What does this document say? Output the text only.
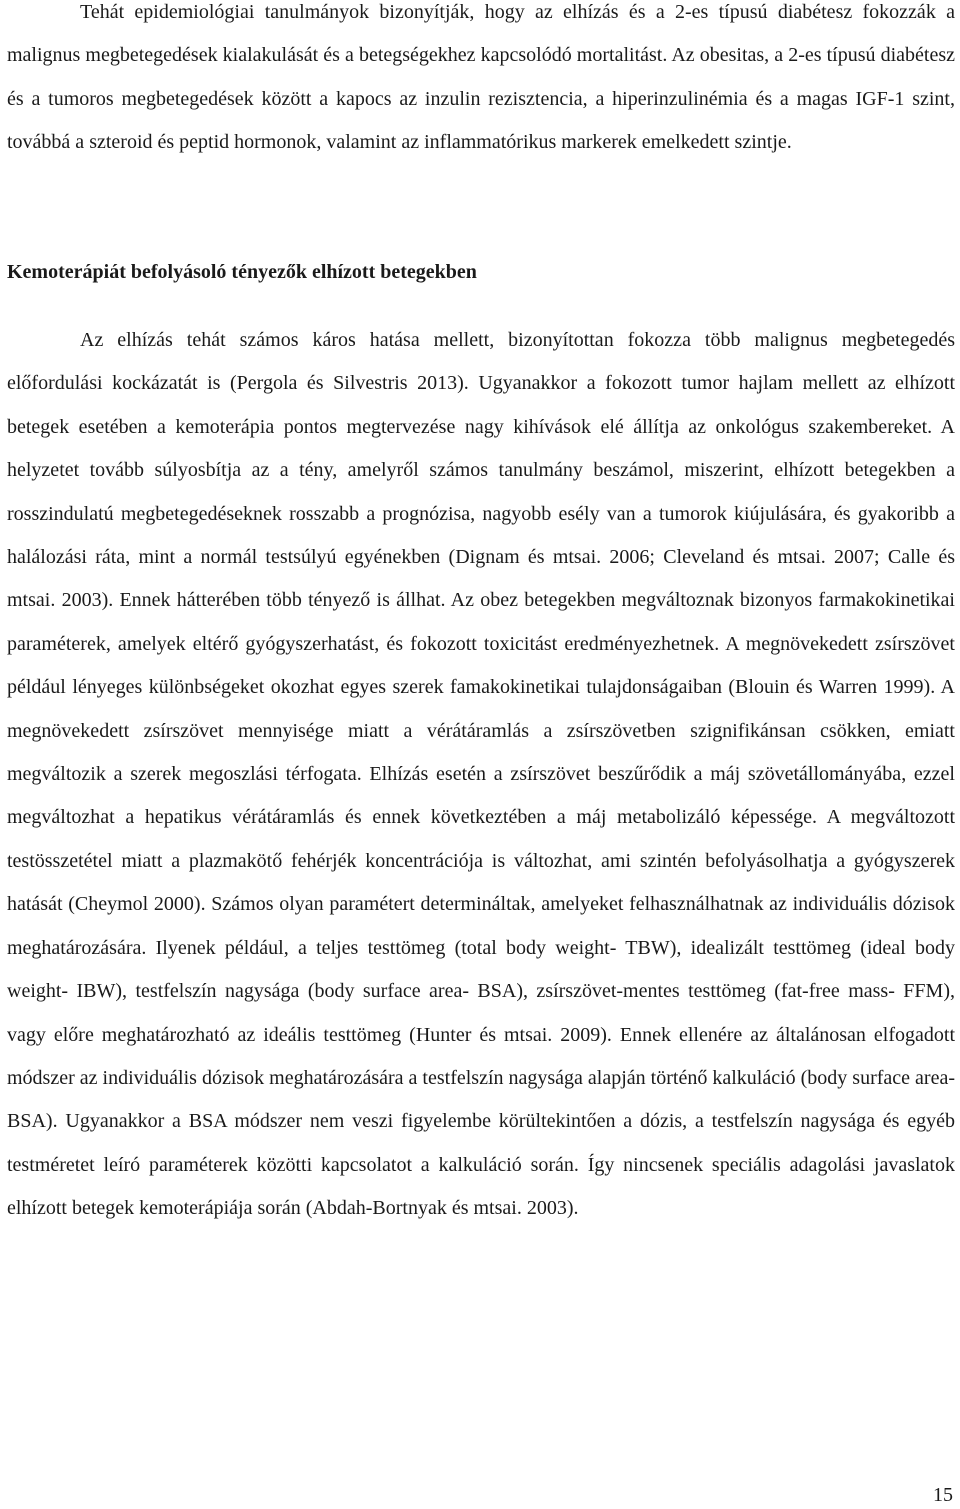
Tehát epidemiológiai tanulmányok bizonyítják, hogy az elhízás és a 2-es típusú diabétesz fokozzák a malignus megbetegedések kialakulását és a betegségekhez kapcsolódó mortalitást. Az obesitas, a 2-es típusú diabétesz és a tumoros megbetegedések között a kapocs az inzulin rezisztencia, a hiperinzulinémia és a magas IGF-1 szint, továbbá a szteroid és peptid hormonok, valamint az inflammatórikus markerek emelkedett szintje.

Kemoterápiát befolyásoló tényezők elhízott betegekben

Az elhízás tehát számos káros hatása mellett, bizonyítottan fokozza több malignus megbetegedés előfordulási kockázatát is (Pergola és Silvestris 2013). Ugyanakkor a fokozott tumor hajlam mellett az elhízott betegek esetében a kemoterápia pontos megtervezése nagy kihívások elé állítja az onkológus szakembereket. A helyzetet tovább súlyosbítja az a tény, amelyről számos tanulmány beszámol, miszerint, elhízott betegekben a rosszindulatú megbetegedéseknek rosszabb a prognózisa, nagyobb esély van a tumorok kiújulására, és gyakoribb a halálozási ráta, mint a normál testsúlyú egyénekben (Dignam és mtsai. 2006; Cleveland és mtsai. 2007; Calle és mtsai. 2003). Ennek hátterében több tényező is állhat. Az obez betegekben megváltoznak bizonyos farmakokinetikai paraméterek, amelyek eltérő gyógyszerhatást, és fokozott toxicitást eredményezhetnek. A megnövekedett zsírszövet például lényeges különbségeket okozhat egyes szerek famakokinetikai tulajdonságaiban (Blouin és Warren 1999). A megnövekedett zsírszövet mennyisége miatt a vérátáramlás a zsírszövetben szignifikánsan csökken, emiatt megváltozik a szerek megoszlási térfogata. Elhízás esetén a zsírszövet beszűrődik a máj szövetállományába, ezzel megváltozhat a hepatikus vérátáramlás és ennek következtében a máj metabolizáló képessége. A megváltozott testösszetétel miatt a plazmakötő fehérjék koncentrációja is változhat, ami szintén befolyásolhatja a gyógyszerek hatását (Cheymol 2000). Számos olyan paramétert determináltak, amelyeket felhasználhatnak az individuális dózisok meghatározására. Ilyenek például, a teljes testtömeg (total body weight- TBW), idealizált testtömeg (ideal body weight- IBW), testfelszín nagysága (body surface area- BSA), zsírszövet-mentes testtömeg (fat-free mass- FFM), vagy előre meghatározható az ideális testtömeg (Hunter és mtsai. 2009). Ennek ellenére az általánosan elfogadott módszer az individuális dózisok meghatározására a testfelszín nagysága alapján történő kalkuláció (body surface area- BSA). Ugyanakkor a BSA módszer nem veszi figyelembe körültekintően a dózis, a testfelszín nagysága és egyéb testméretet leíró paraméterek közötti kapcsolatot a kalkuláció során. Így nincsenek speciális adagolási javaslatok elhízott betegek kemoterápiája során (Abdah-Bortnyak és mtsai. 2003).

15
